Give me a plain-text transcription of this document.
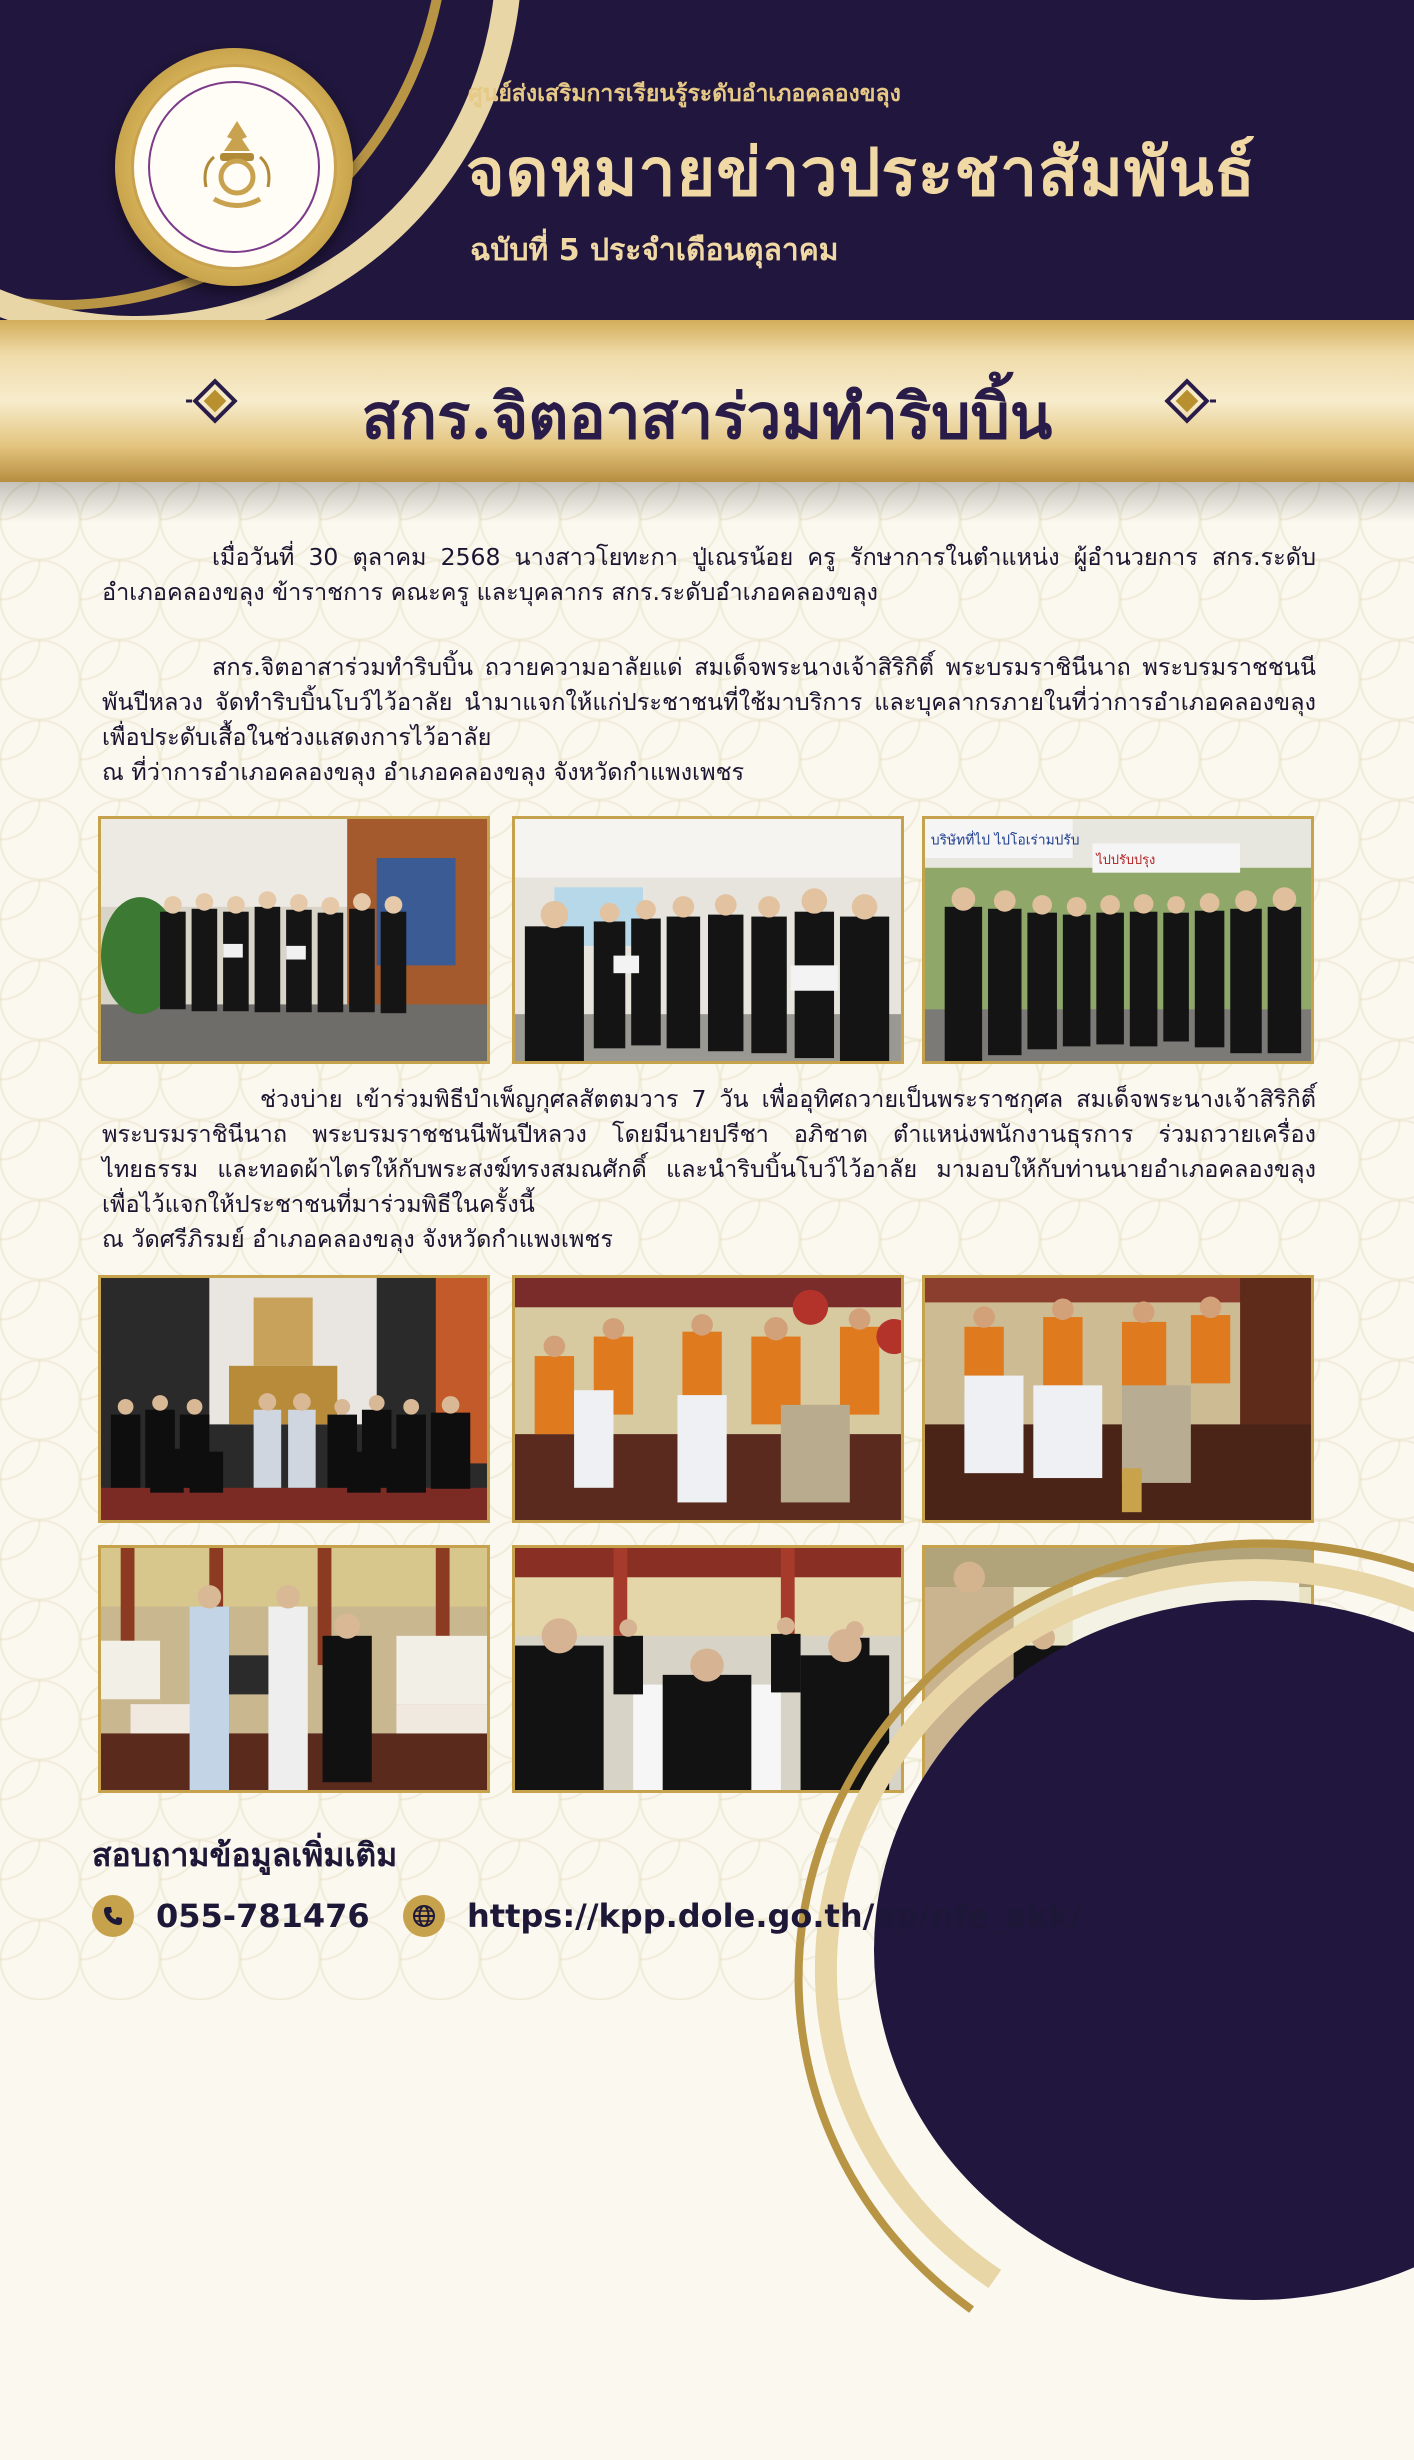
ศูนย์ส่งเสริมการเรียนรู้ระดับอำเภอคลองขลุง
จดหมายข่าวประชาสัมพันธ์
ฉบับที่ 5 ประจำเดือนตุลาคม
สกร.จิตอาสาร่วมทำริบบิ้น

เมื่อวันที่ 30 ตุลาคม 2568 นางสาวโยทะกา ปู่เณรน้อย ครู รักษาการในตำแหน่ง ผู้อำนวยการ สกร.ระดับอำเภอคลองขลุง ข้าราชการ คณะครู และบุคลากร สกร.ระดับอำเภอคลองขลุง

สกร.จิตอาสาร่วมทำริบบิ้น ถวายความอาลัยแด่ สมเด็จพระนางเจ้าสิริกิติ์ พระบรมราชินีนาถ พระบรมราชชนนีพันปีหลวง จัดทำริบบิ้นโบว์ไว้อาลัย นำมาแจกให้แก่ประชาชนที่ใช้มาบริการ และบุคลากรภายในที่ว่าการอำเภอคลองขลุง เพื่อประดับเสื้อในช่วงแสดงการไว้อาลัย

ณ ที่ว่าการอำเภอคลองขลุง อำเภอคลองขลุง จังหวัดกำแพงเพชร

บริษัทที่ไป ไปโอเร่ามปรับ
ไปปรับปรุง

ช่วงบ่าย เข้าร่วมพิธีบำเพ็ญกุศลสัตตมวาร 7 วัน เพื่ออุทิศถวายเป็นพระราชกุศล สมเด็จพระนางเจ้าสิริกิติ์ พระบรมราชินีนาถ พระบรมราชชนนีพันปีหลวง โดยมีนายปรีชา อภิชาต ตำแหน่งพนักงานธุรการ ร่วมถวายเครื่องไทยธรรม และทอดผ้าไตรให้กับพระสงฆ์ทรงสมณศักดิ์ และนำริบบิ้นโบว์ไว้อาลัย มามอบให้กับท่านนายอำเภอคลองขลุง เพื่อไว้แจกให้ประชาชนที่มาร่วมพิธีในครั้งนี้

ณ วัดศรีภิรมย์ อำเภอคลองขลุง จังหวัดกำแพงเพชร

สอบถามข้อมูลเพิ่มเติม
055-781476	https://kpp.dole.go.th/ap/nfe_akk/
